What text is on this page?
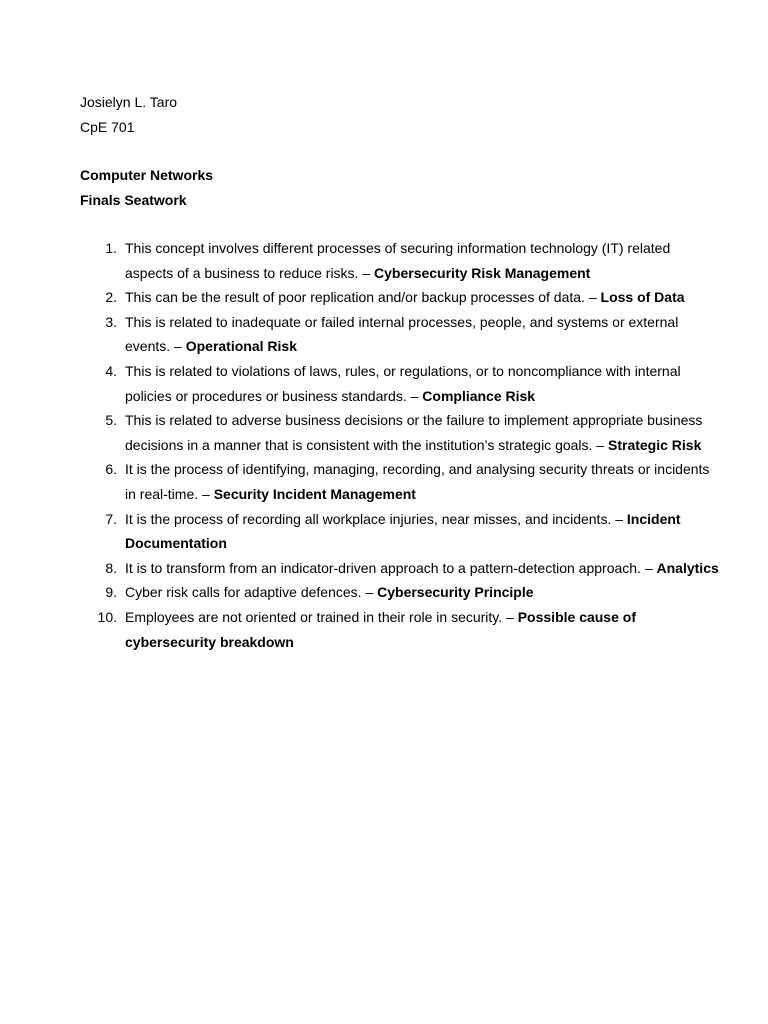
Josielyn L. Taro
CpE 701
Computer Networks
Finals Seatwork
1. This concept involves different processes of securing information technology (IT) related aspects of a business to reduce risks. – Cybersecurity Risk Management
2. This can be the result of poor replication and/or backup processes of data. – Loss of Data
3. This is related to inadequate or failed internal processes, people, and systems or external events. – Operational Risk
4. This is related to violations of laws, rules, or regulations, or to noncompliance with internal policies or procedures or business standards. – Compliance Risk
5. This is related to adverse business decisions or the failure to implement appropriate business decisions in a manner that is consistent with the institution’s strategic goals. – Strategic Risk
6. It is the process of identifying, managing, recording, and analysing security threats or incidents in real-time. – Security Incident Management
7. It is the process of recording all workplace injuries, near misses, and incidents. – Incident Documentation
8. It is to transform from an indicator-driven approach to a pattern-detection approach. – Analytics
9. Cyber risk calls for adaptive defences. – Cybersecurity Principle
10. Employees are not oriented or trained in their role in security. – Possible cause of cybersecurity breakdown
